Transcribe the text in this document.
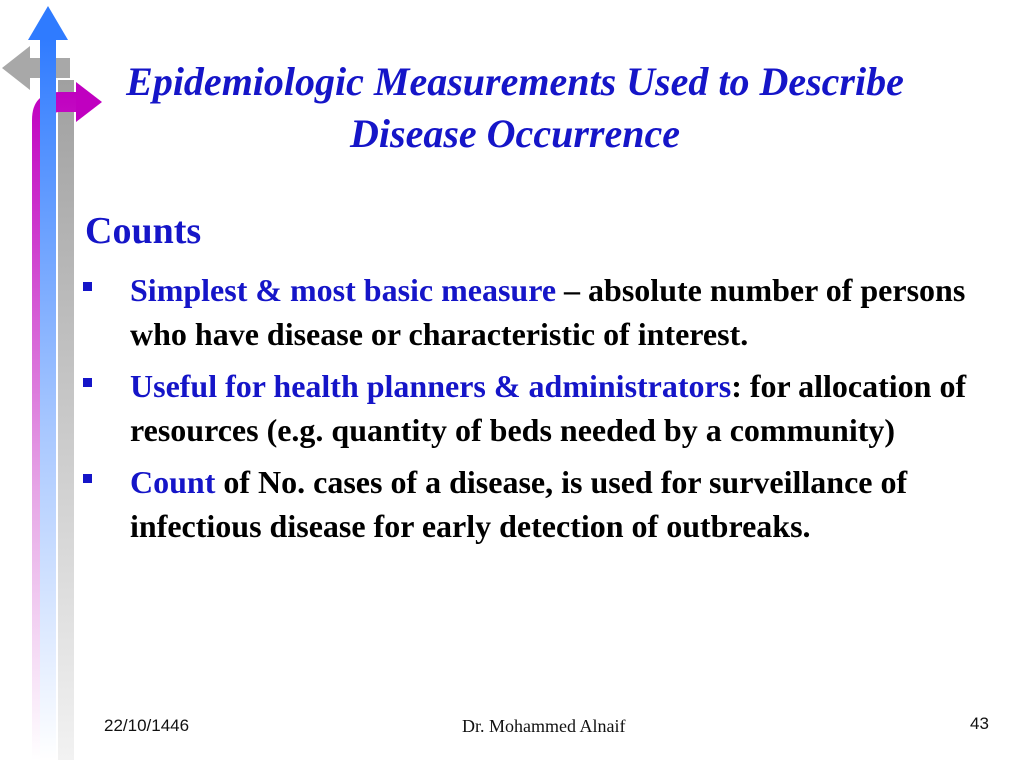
Epidemiologic Measurements Used to Describe
Disease Occurrence
Counts
Simplest & most basic measure – absolute number of persons who have disease or characteristic of interest.
Useful for health planners & administrators: for allocation of resources (e.g. quantity of beds needed by a community)
Count of No. cases of a disease, is used for surveillance of infectious disease for early detection of outbreaks.
22/10/1446	Dr. Mohammed Alnaif	43
